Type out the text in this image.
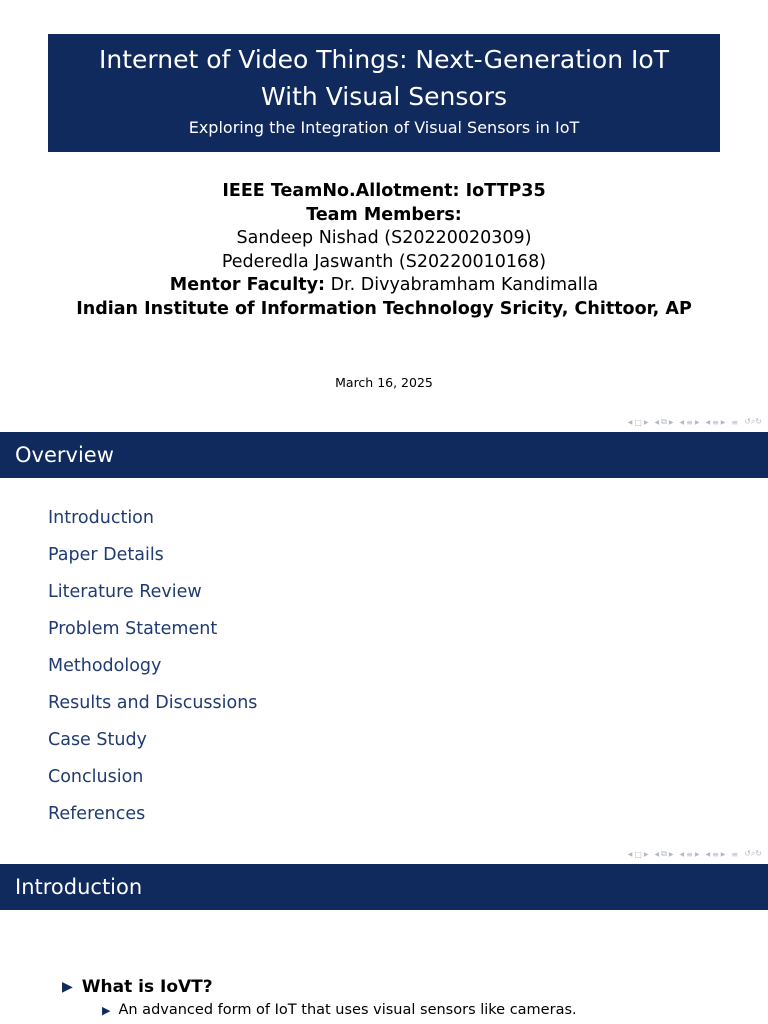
Internet of Video Things: Next-Generation IoT With Visual Sensors
Exploring the Integration of Visual Sensors in IoT
IEEE TeamNo.Allotment: IoTTP35
Team Members:
Sandeep Nishad (S20220020309)
Pederedla Jaswanth (S20220010168)
Mentor Faculty: Dr. Divyabramham Kandimalla
Indian Institute of Information Technology Sricity, Chittoor, AP
March 16, 2025
◀ □ ▶ ◀ ⧉ ▶ ◀ ≡ ▶ ◀ ≡ ▶ ≡ ↺⌕↻
Overview
Introduction
Paper Details
Literature Review
Problem Statement
Methodology
Results and Discussions
Case Study
Conclusion
References
◀ □ ▶ ◀ ⧉ ▶ ◀ ≡ ▶ ◀ ≡ ▶ ≡ ↺⌕↻
Introduction
▶ What is IoVT?
▶ An advanced form of IoT that uses visual sensors like cameras.
